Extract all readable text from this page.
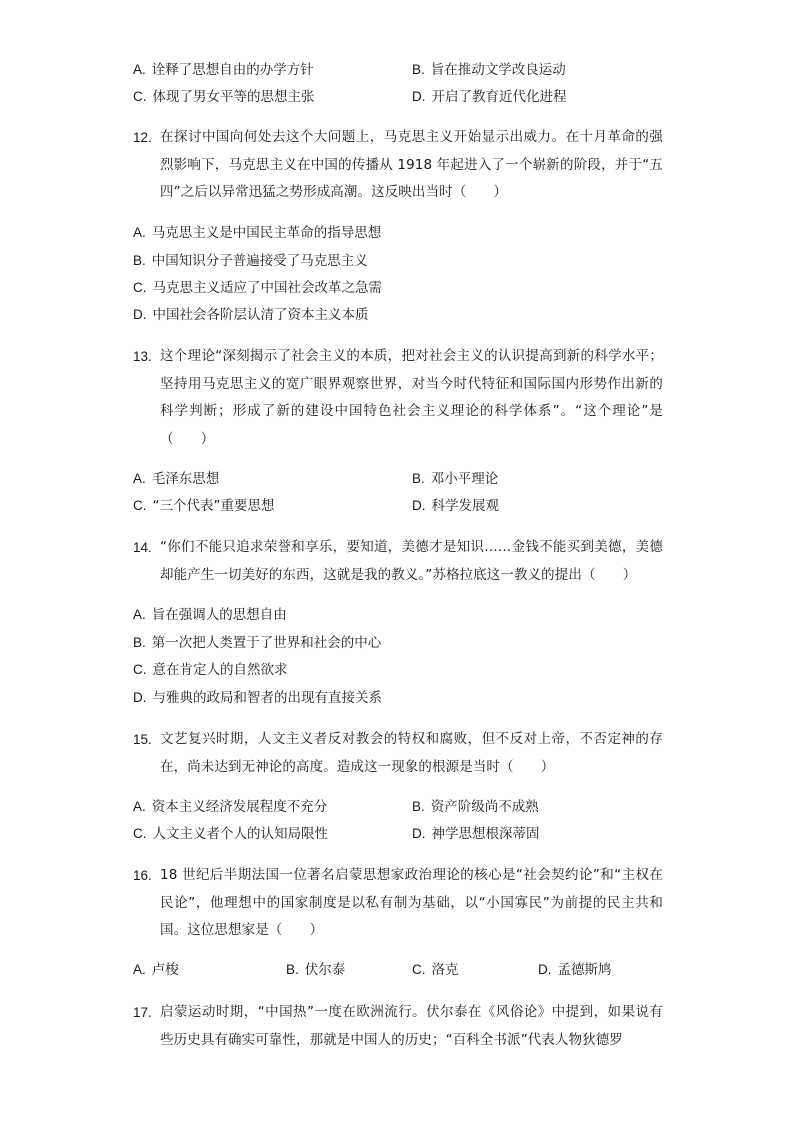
A. 诠释了思想自由的办学方针	B. 旨在推动文学改良运动
C. 体现了男女平等的思想主张	D. 开启了教育近代化进程
12. 在探讨中国向何处去这个大问题上，马克思主义开始显示出威力。在十月革命的强烈影响下，马克思主义在中国的传播从 1918 年起进入了一个崭新的阶段，并于“五四”之后以异常迅猛之势形成高潮。这反映出当时（　　）
A. 马克思主义是中国民主革命的指导思想
B. 中国知识分子普遍接受了马克思主义
C. 马克思主义适应了中国社会改革之急需
D. 中国社会各阶层认清了资本主义本质
13. 这个理论“深刻揭示了社会主义的本质，把对社会主义的认识提高到新的科学水平；坚持用马克思主义的宽广眼界观察世界，对当今时代特征和国际国内形势作出新的科学判断；形成了新的建设中国特色社会主义理论的科学体系”。“这个理论”是（　　）
A. 毛泽东思想	B. 邓小平理论
C. “三个代表”重要思想	D. 科学发展观
14. “你们不能只追求荣誉和享乐，要知道，美德才是知识……金钱不能买到美德，美德却能产生一切美好的东西，这就是我的教义。”苏格拉底这一教义的提出（　　）
A. 旨在强调人的思想自由
B. 第一次把人类置于了世界和社会的中心
C. 意在肯定人的自然欲求
D. 与雅典的政局和智者的出现有直接关系
15. 文艺复兴时期，人文主义者反对教会的特权和腐败，但不反对上帝，不否定神的存在，尚未达到无神论的高度。造成这一现象的根源是当时（　　）
A. 资本主义经济发展程度不充分	B. 资产阶级尚不成熟
C. 人文主义者个人的认知局限性	D. 神学思想根深蒂固
16. 18 世纪后半期法国一位著名启蒙思想家政治理论的核心是“社会契约论”和“主权在民论”，他理想中的国家制度是以私有制为基础，以“小国寡民”为前提的民主共和国。这位思想家是（　　）
A. 卢梭	B. 伏尔泰	C. 洛克	D. 孟德斯鸠
17. 启蒙运动时期，“中国热”一度在欧洲流行。伏尔泰在《风俗论》中提到，如果说有些历史具有确实可靠性，那就是中国人的历史；“百科全书派”代表人物狄德罗
